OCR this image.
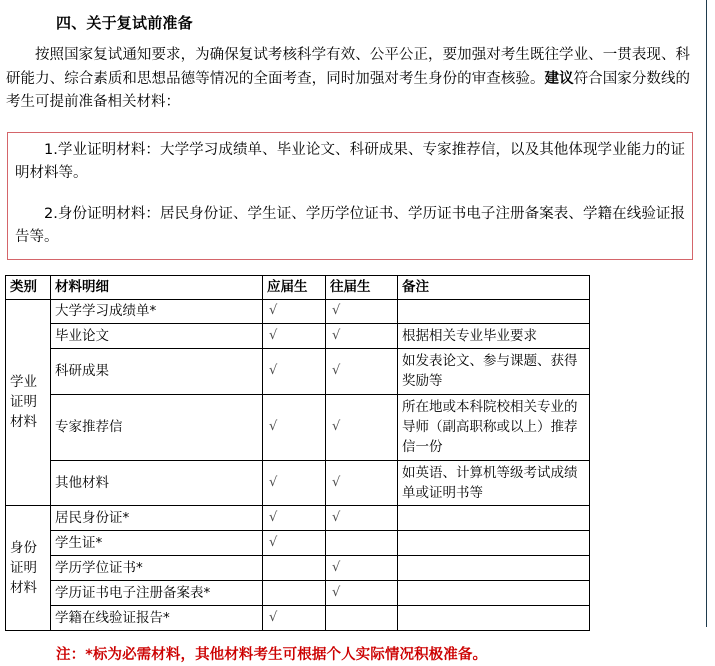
四、关于复试前准备

按照国家复试通知要求，为确保复试考核科学有效、公平公正，要加强对考生既往学业、一贯表现、科研能力、综合素质和思想品德等情况的全面考查，同时加强对考生身份的审查核验。建议符合国家分数线的考生可提前准备相关材料：

1.学业证明材料：大学学习成绩单、毕业论文、科研成果、专家推荐信，以及其他体现学业能力的证明材料等。

2.身份证明材料：居民身份证、学生证、学历学位证书、学历证书电子注册备案表、学籍在线验证报告等。

类别	材料明细	应届生	往届生	备注
学业证明材料	大学学习成绩单*	√	√	
	毕业论文	√	√	根据相关专业毕业要求
	科研成果	√	√	如发表论文、参与课题、获得奖励等
	专家推荐信	√	√	所在地或本科院校相关专业的导师（副高职称或以上）推荐信一份
	其他材料	√	√	如英语、计算机等级考试成绩单或证明书等
身份证明材料	居民身份证*	√	√	
	学生证*	√		
	学历学位证书*		√	
	学历证书电子注册备案表*		√	
	学籍在线验证报告*	√		

注：*标为必需材料，其他材料考生可根据个人实际情况积极准备。
